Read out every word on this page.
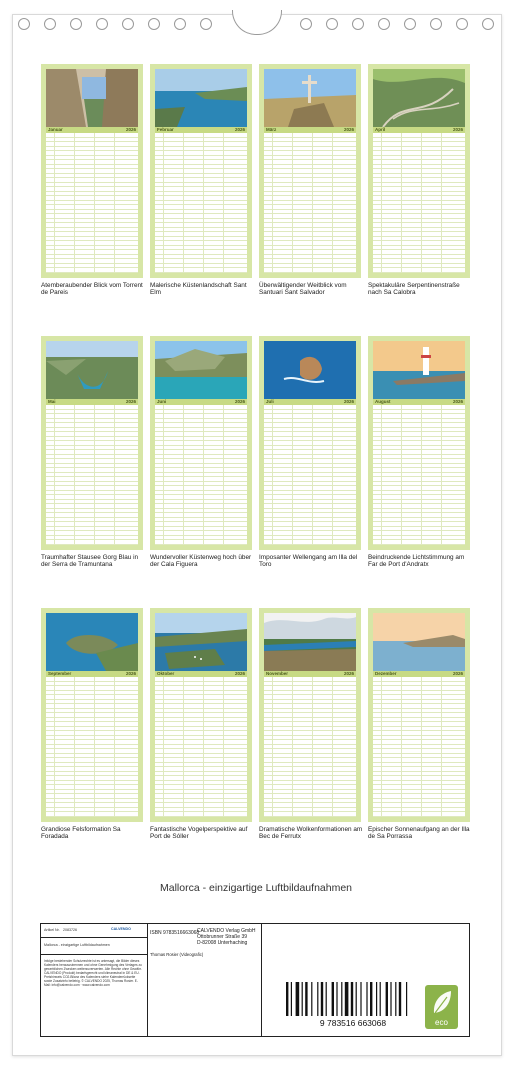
Januar	2026
Atemberaubender Blick vom Torrent de Pareis
Februar	2026
Malerische Küstenlandschaft Sant Elm
März	2026
Überwältigender Weitblick vom Santuari Sant Salvador
April	2026
Spektakuläre Serpentinenstraße nach Sa Calobra
Mai	2026
Traumhafter Stausee Gorg Blau in der Serra de Tramuntana
Juni	2026
Wundervoller Küstenweg hoch über der Cala Figuera
Juli	2026
Imposanter Wellengang am Illa del Toro
August	2026
Beindruckende Lichtstimmung am Far de Port d'Andratx
September	2026
Grandiose Felsformation Sa Foradada
Oktober	2026
Fantastische Vogelperspektive auf Port de Sóller
November	2026
Dramatische Wolkenformationen am Bec de Ferrutx
Dezember	2026
Epischer Sonnenaufgang an der Illa de Sa Porrassa
Mallorca - einzigartige Luftbildaufnahmen
Artikel Nr. 2083726	CALVENDO
Mallorca - einzigartige Luftbildaufnahmen
Infolge bestehender Schutzrechte ist es untersagt, die Bilder dieses Kalenders herauszutrennen und ohne Genehmigung des Verlages zu gewerblichen Zwecken weiterzuverwerten. Alle Rechte ohne Gewähr. CALVENDO (Produkt) bedarfsgerecht und klimaneutral in DE & EU. Preishinweis CO2-Bilanz des Kalenders siehe Kalenderrückseite sowie Zusatzinfo beliebig. © CALVENDO 2025, Thomas Rosier. E-Mail: info@calvendo.com · www.calvendo.com
ISBN 9783516663068
Thomas Rosier (Videografic)
CALVENDO Verlag GmbH
Ottobrunner Straße 39
D-82008 Unterhaching
9 783516 663068	eco
